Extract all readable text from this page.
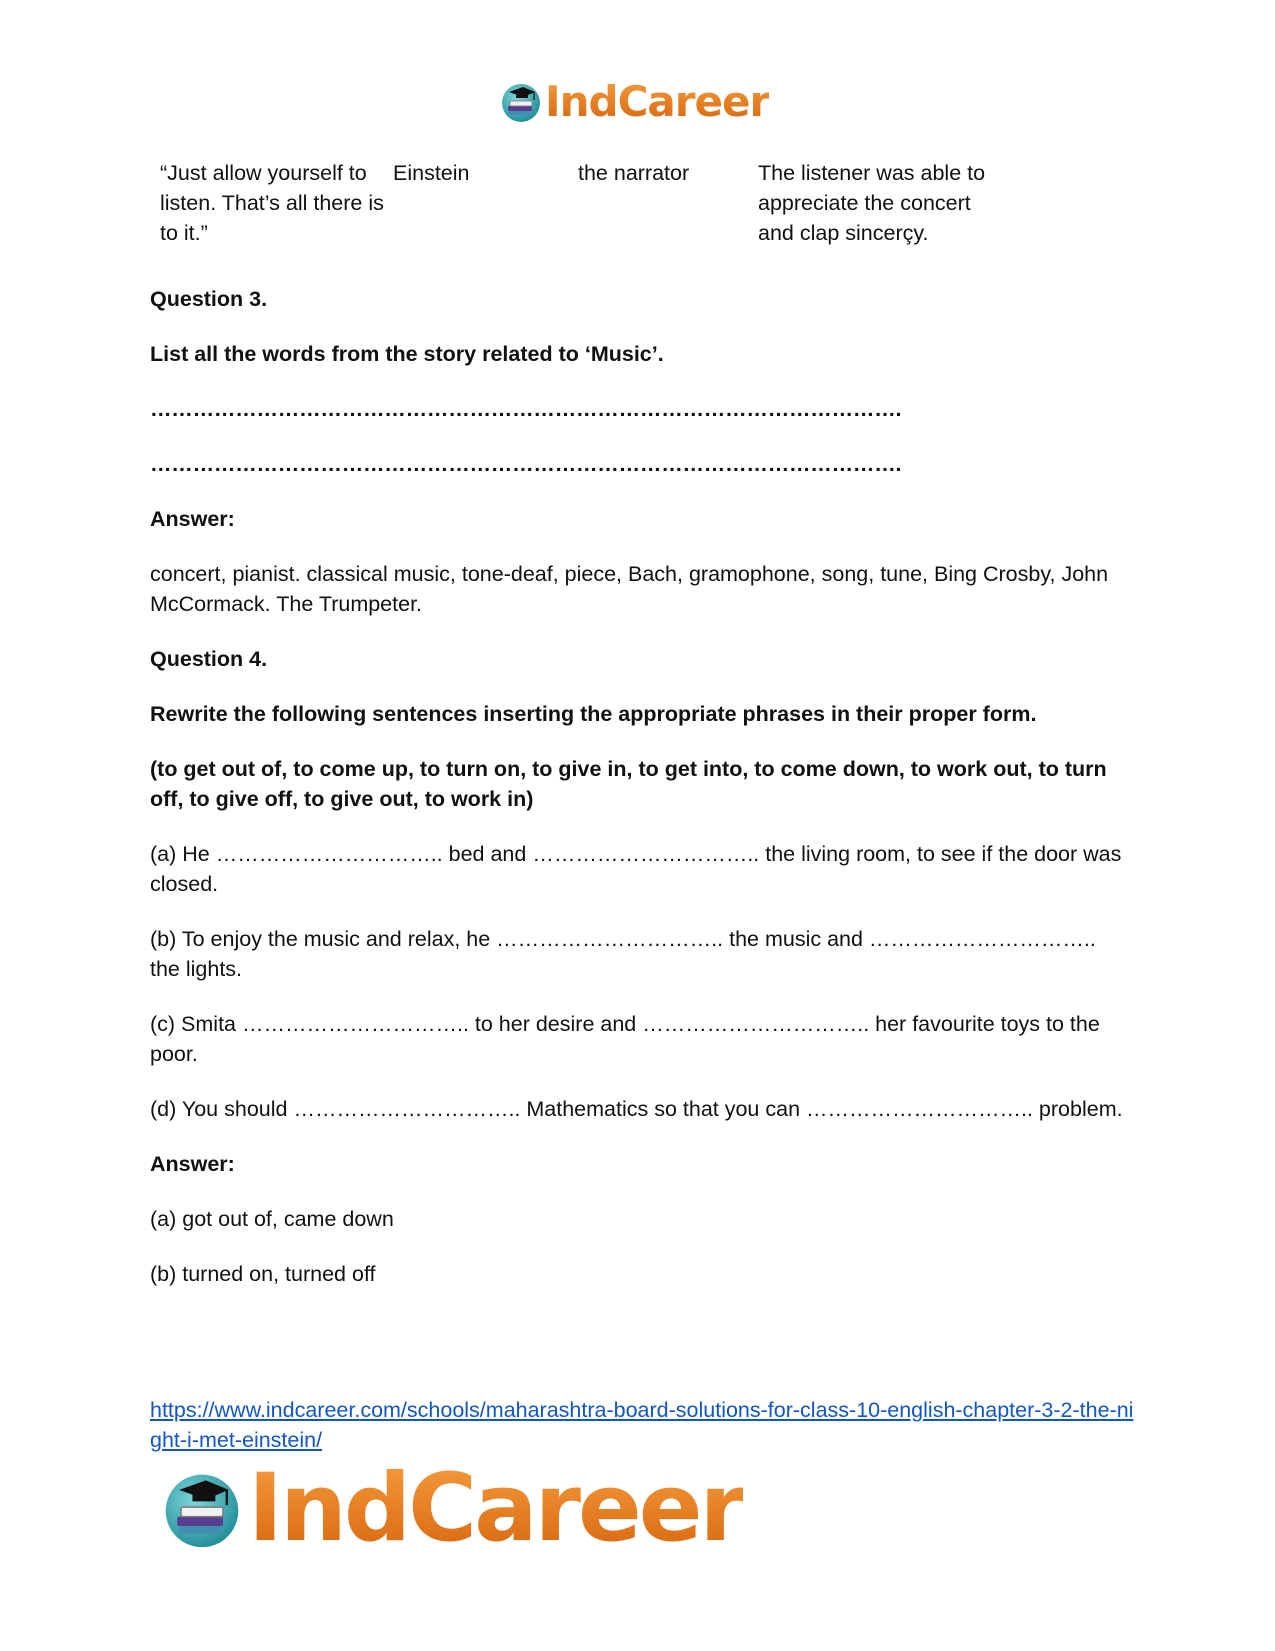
IndCareer
“Just allow yourself to listen. That’s all there is to it.”
Einstein	the narrator	The listener was able to appreciate the concert and clap sincerçy.

Question 3.

List all the words from the story related to ‘Music’.

…………………………………………………………………………………………….

…………………………………………………………………………………………….

Answer:

concert, pianist. classical music, tone-deaf, piece, Bach, gramophone, song, tune, Bing Crosby, John McCormack. The Trumpeter.

Question 4.

Rewrite the following sentences inserting the appropriate phrases in their proper form.

(to get out of, to come up, to turn on, to give in, to get into, to come down, to work out, to turn off, to give off, to give out, to work in)

(a) He ………………………….. bed and ………………………….. the living room, to see if the door was closed.

(b) To enjoy the music and relax, he ………………………….. the music and ………………………….. the lights.

(c) Smita ………………………….. to her desire and ………………………….. her favourite toys to the poor.

(d) You should ………………………….. Mathematics so that you can ………………………….. problem.

Answer:

(a) got out of, came down

(b) turned on, turned off

https://www.indcareer.com/schools/maharashtra-board-solutions-for-class-10-english-chapter-3-2-the-night-i-met-einstein/
IndCareer
